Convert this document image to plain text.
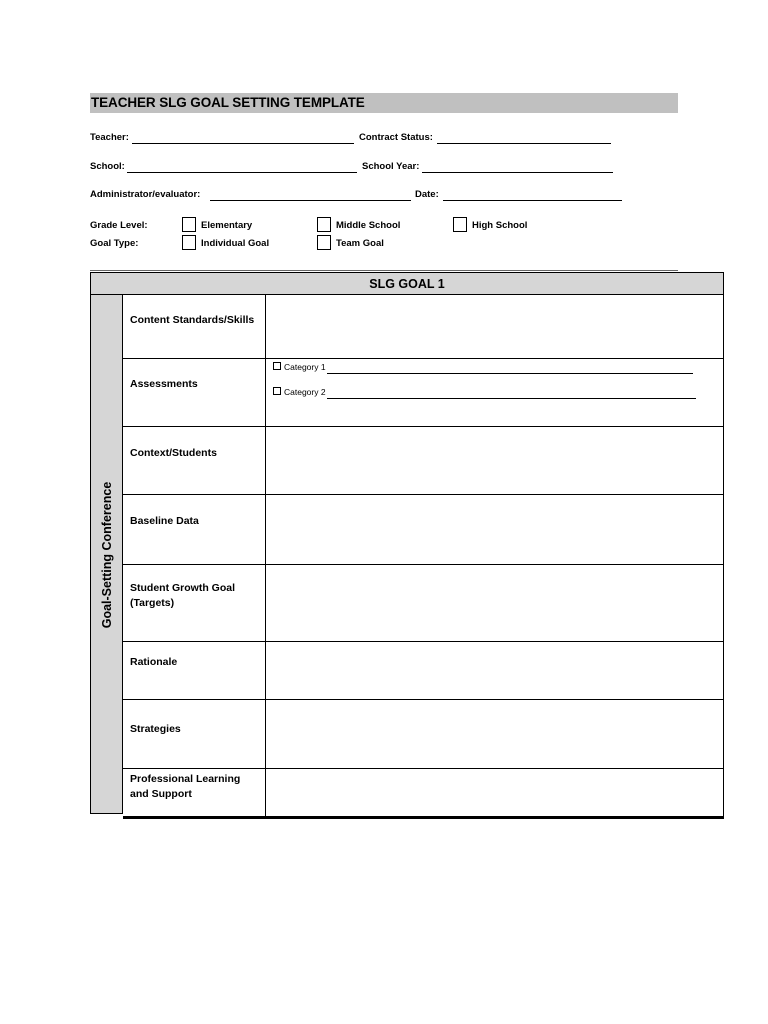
TEACHER SLG GOAL SETTING TEMPLATE
Teacher:	Contract Status:
School:	School Year:
Administrator/evaluator:	Date:
Grade Level:	Elementary	Middle School	High School
Goal Type:	Individual Goal	Team Goal
SLG GOAL 1
Goal-Setting Conference
Content Standards/Skills
Assessments
Category 1
Category 2
Context/Students
Baseline Data
Student Growth Goal (Targets)
Rationale
Strategies
Professional Learning and Support
